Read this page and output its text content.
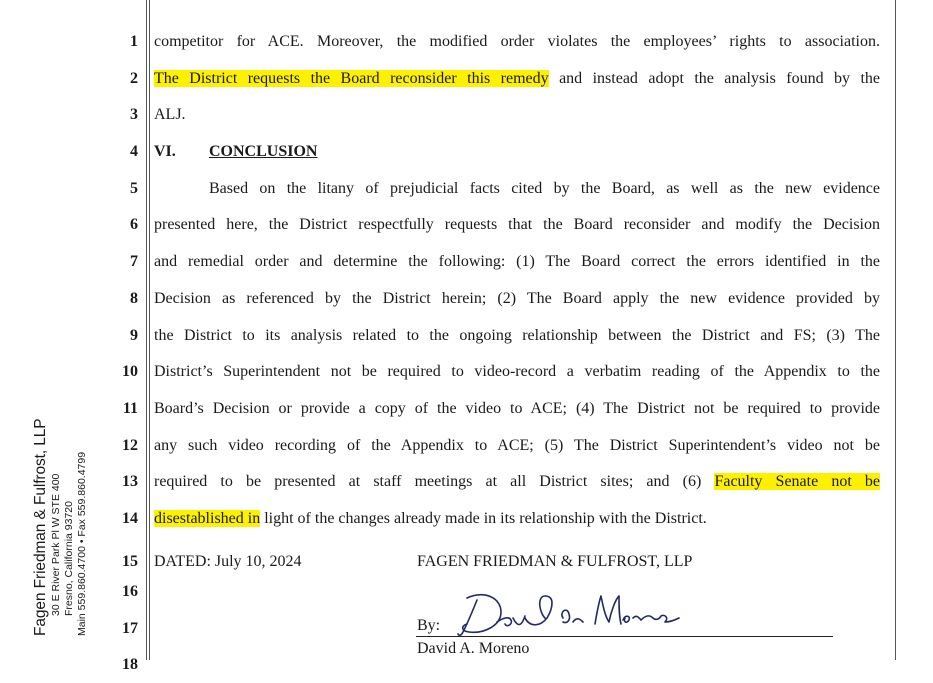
Fagen Friedman & Fulfrost, LLP 30 E River Park Pl W STE 400 Fresno, California 93720 Main 559.860.4700 • Fax 559.860.4799
1 competitor for ACE. Moreover, the modified order violates the employees’ rights to association.
2 The District requests the Board reconsider this remedy and instead adopt the analysis found by the
3 ALJ.
4 VI. CONCLUSION
5	Based on the litany of prejudicial facts cited by the Board, as well as the new evidence
6 presented here, the District respectfully requests that the Board reconsider and modify the Decision
7 and remedial order and determine the following: (1) The Board correct the errors identified in the
8 Decision as referenced by the District herein; (2) The Board apply the new evidence provided by
9 the District to its analysis related to the ongoing relationship between the District and FS; (3) The
10 District’s Superintendent not be required to video-record a verbatim reading of the Appendix to the
11 Board’s Decision or provide a copy of the video to ACE; (4) The District not be required to provide
12 any such video recording of the Appendix to ACE; (5) The District Superintendent’s video not be
13 required to be presented at staff meetings at all District sites; and (6) Faculty Senate not be
14 disestablished in light of the changes already made in its relationship with the District.
15 DATED: July 10, 2024	FAGEN FRIEDMAN & FULFROST, LLP
16
17	By:
18
David A. Moreno
